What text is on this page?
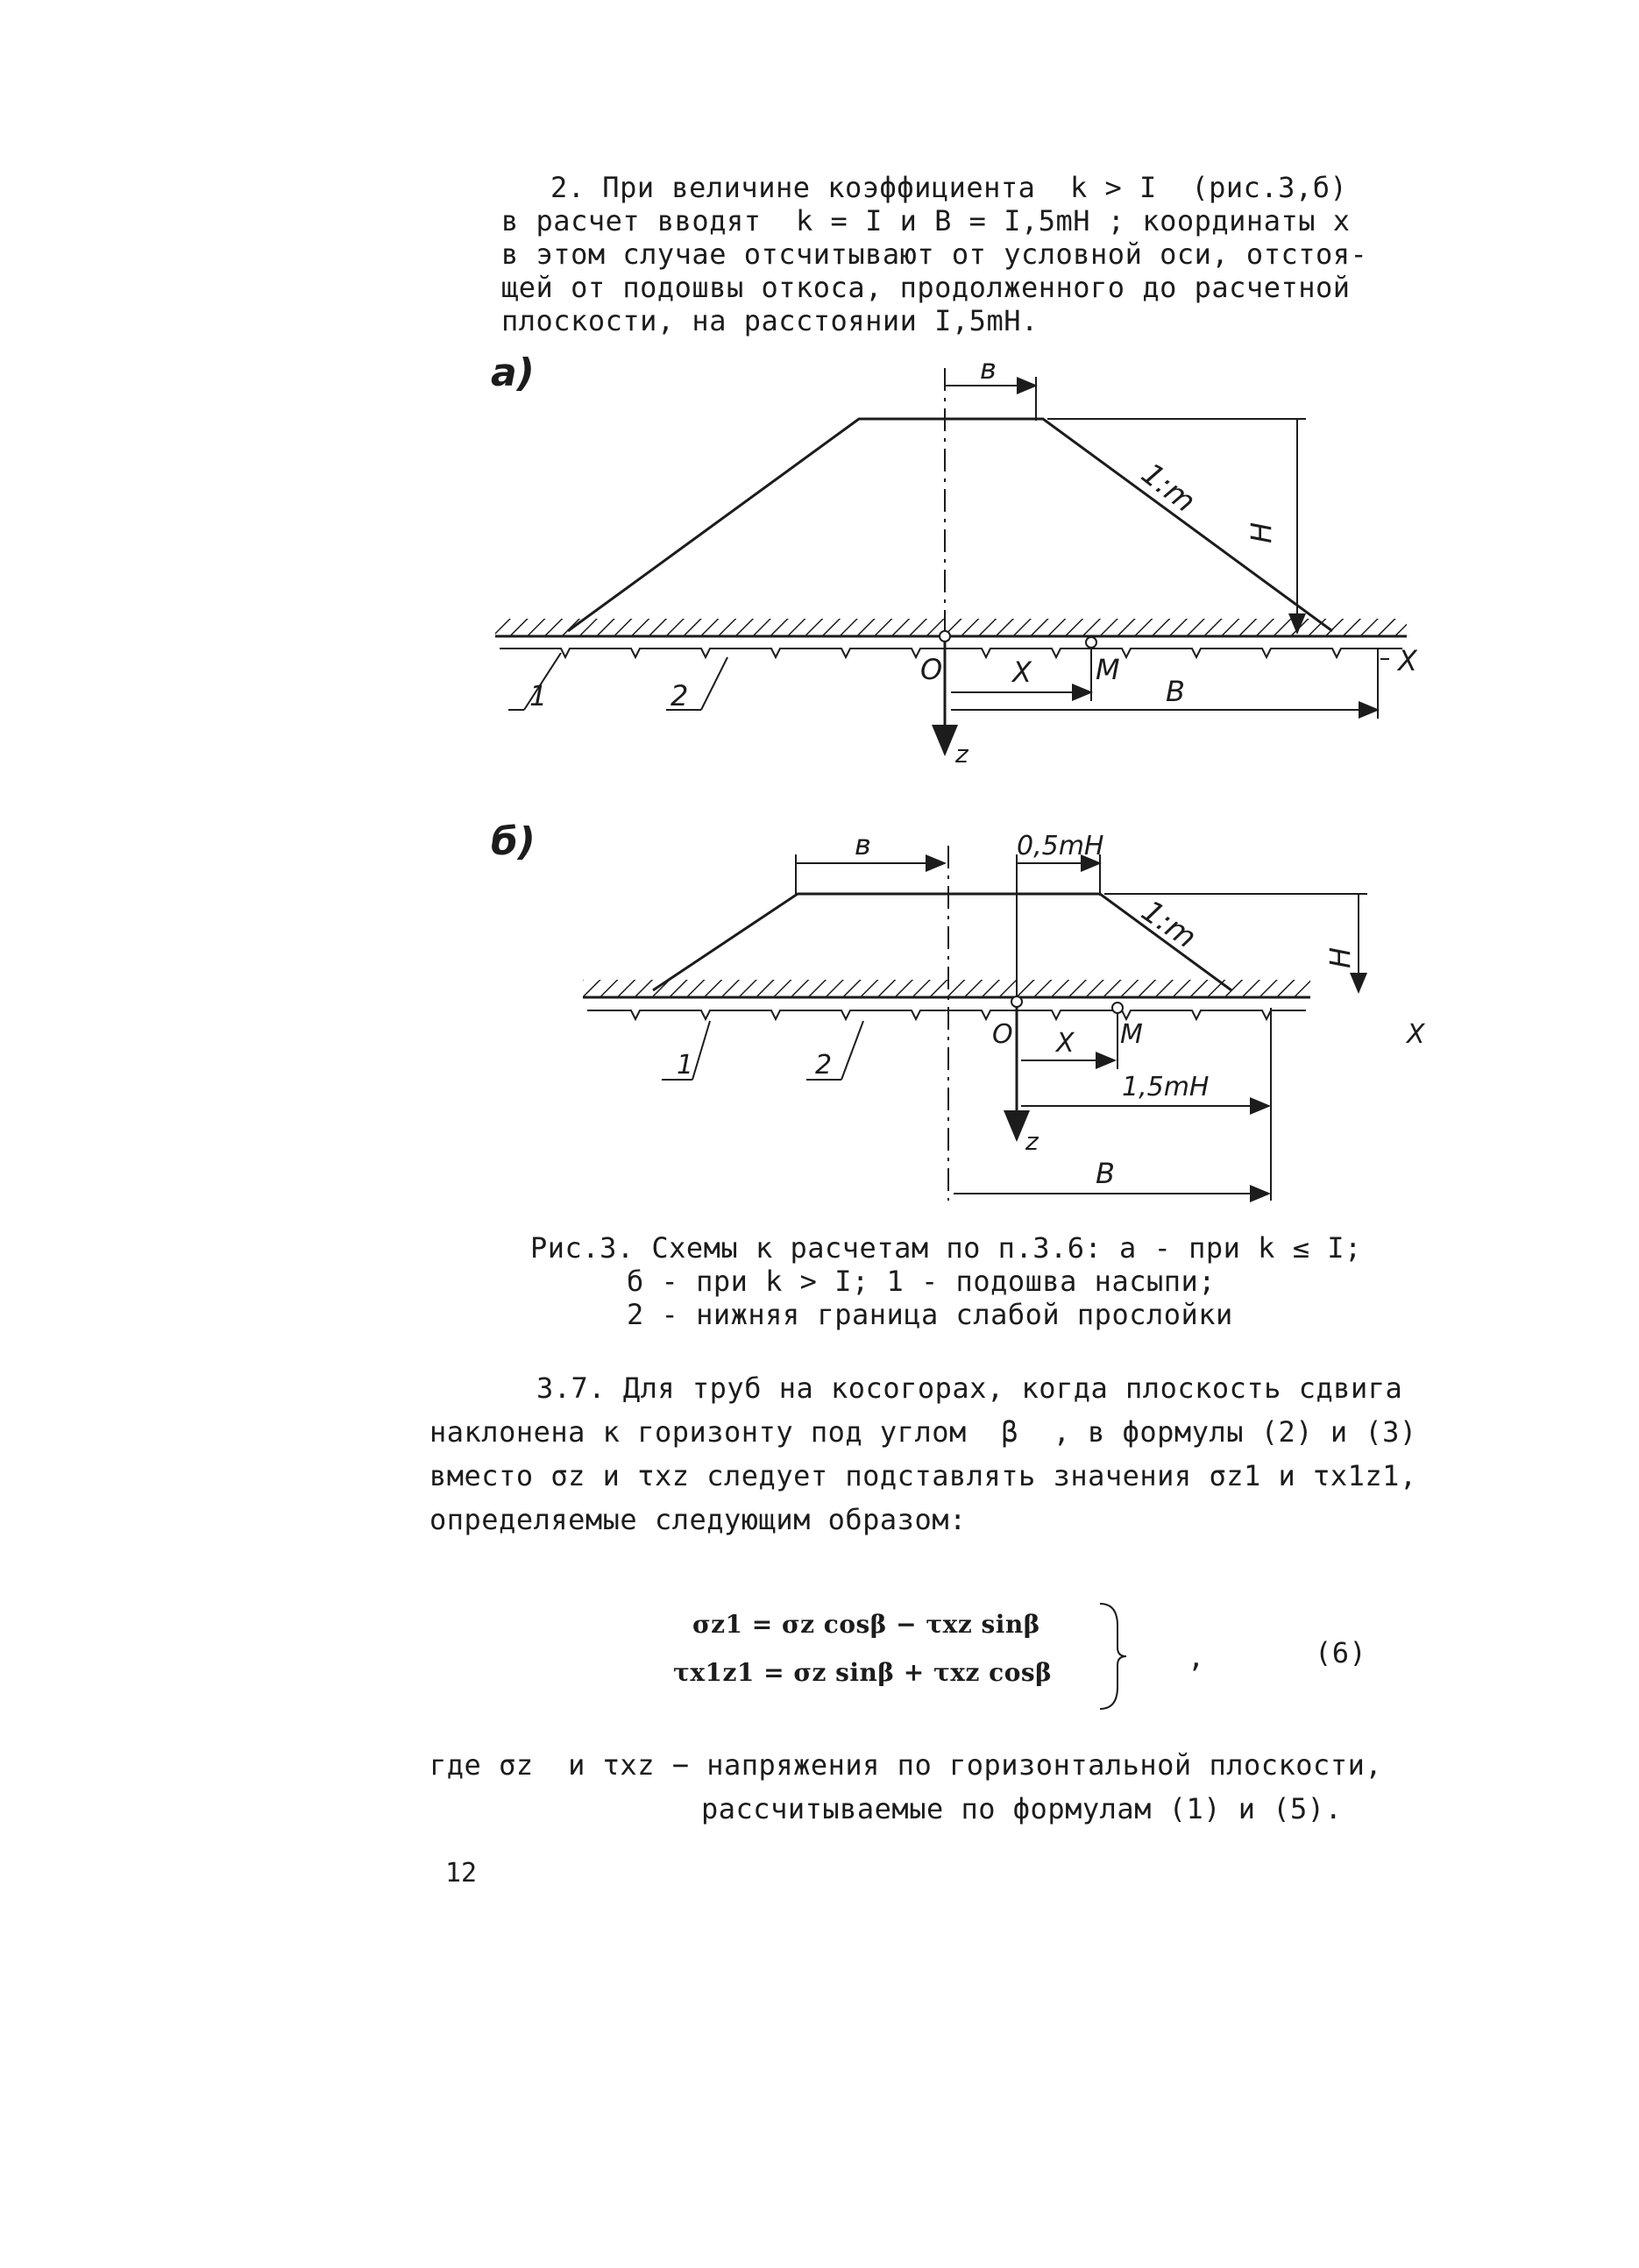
2. При величине коэффициента  k > I  (рис.3,б)
в расчет вводят  k = I и B = I,5mH ; координаты x
в этом случае отсчитывают от условной оси, отстоя-
щей от подошвы откоса, продолженного до расчетной
плоскости, на расстоянии I,5mH.
а)
z
в
1:m
H
O	M
X
B
X
1	2
б)
z
в	0,5mH
1:m
H
O	M
X
1,5mH
B
X
1	2
Рис.3. Схемы к расчетам по п.3.6: а - при k ≤ I;
б - при k > I; 1 - подошва насыпи;
2 - нижняя граница слабой прослойки
3.7. Для труб на косогорах, когда плоскость сдвига
наклонена к горизонту под углом  β  , в формулы (2) и (3)
вместо σz и τxz следует подставлять значения σz1 и τx1z1,
определяемые следующим образом:
σz1 = σz cosβ − τxz sinβ
τx1z1 = σz sinβ + τxz cosβ	,	(6)
где σz  и τxz − напряжения по горизонтальной плоскости,
рассчитываемые по формулам (1) и (5).
12
